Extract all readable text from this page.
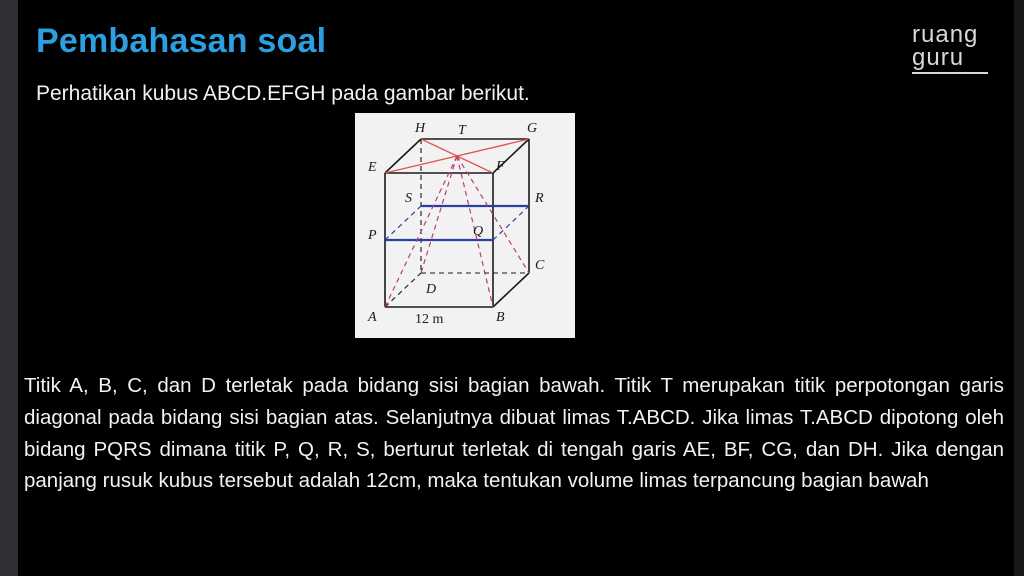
Pembahasan soal	ruang
guru
Perhatikan kubus ABCD.EFGH pada gambar berikut.
H T	G
E	F
S	R
P	Q
C
D
A	B
12 m

Titik A, B, C, dan D terletak pada bidang sisi bagian bawah. Titik T merupakan titik perpotongan garis diagonal pada bidang sisi bagian atas. Selanjutnya dibuat limas T.ABCD. Jika limas T.ABCD dipotong oleh bidang PQRS dimana titik P, Q, R, S, berturut terletak di tengah garis AE, BF, CG, dan DH. Jika dengan panjang rusuk kubus tersebut adalah 12cm, maka tentukan volume limas terpancung bagian bawah
